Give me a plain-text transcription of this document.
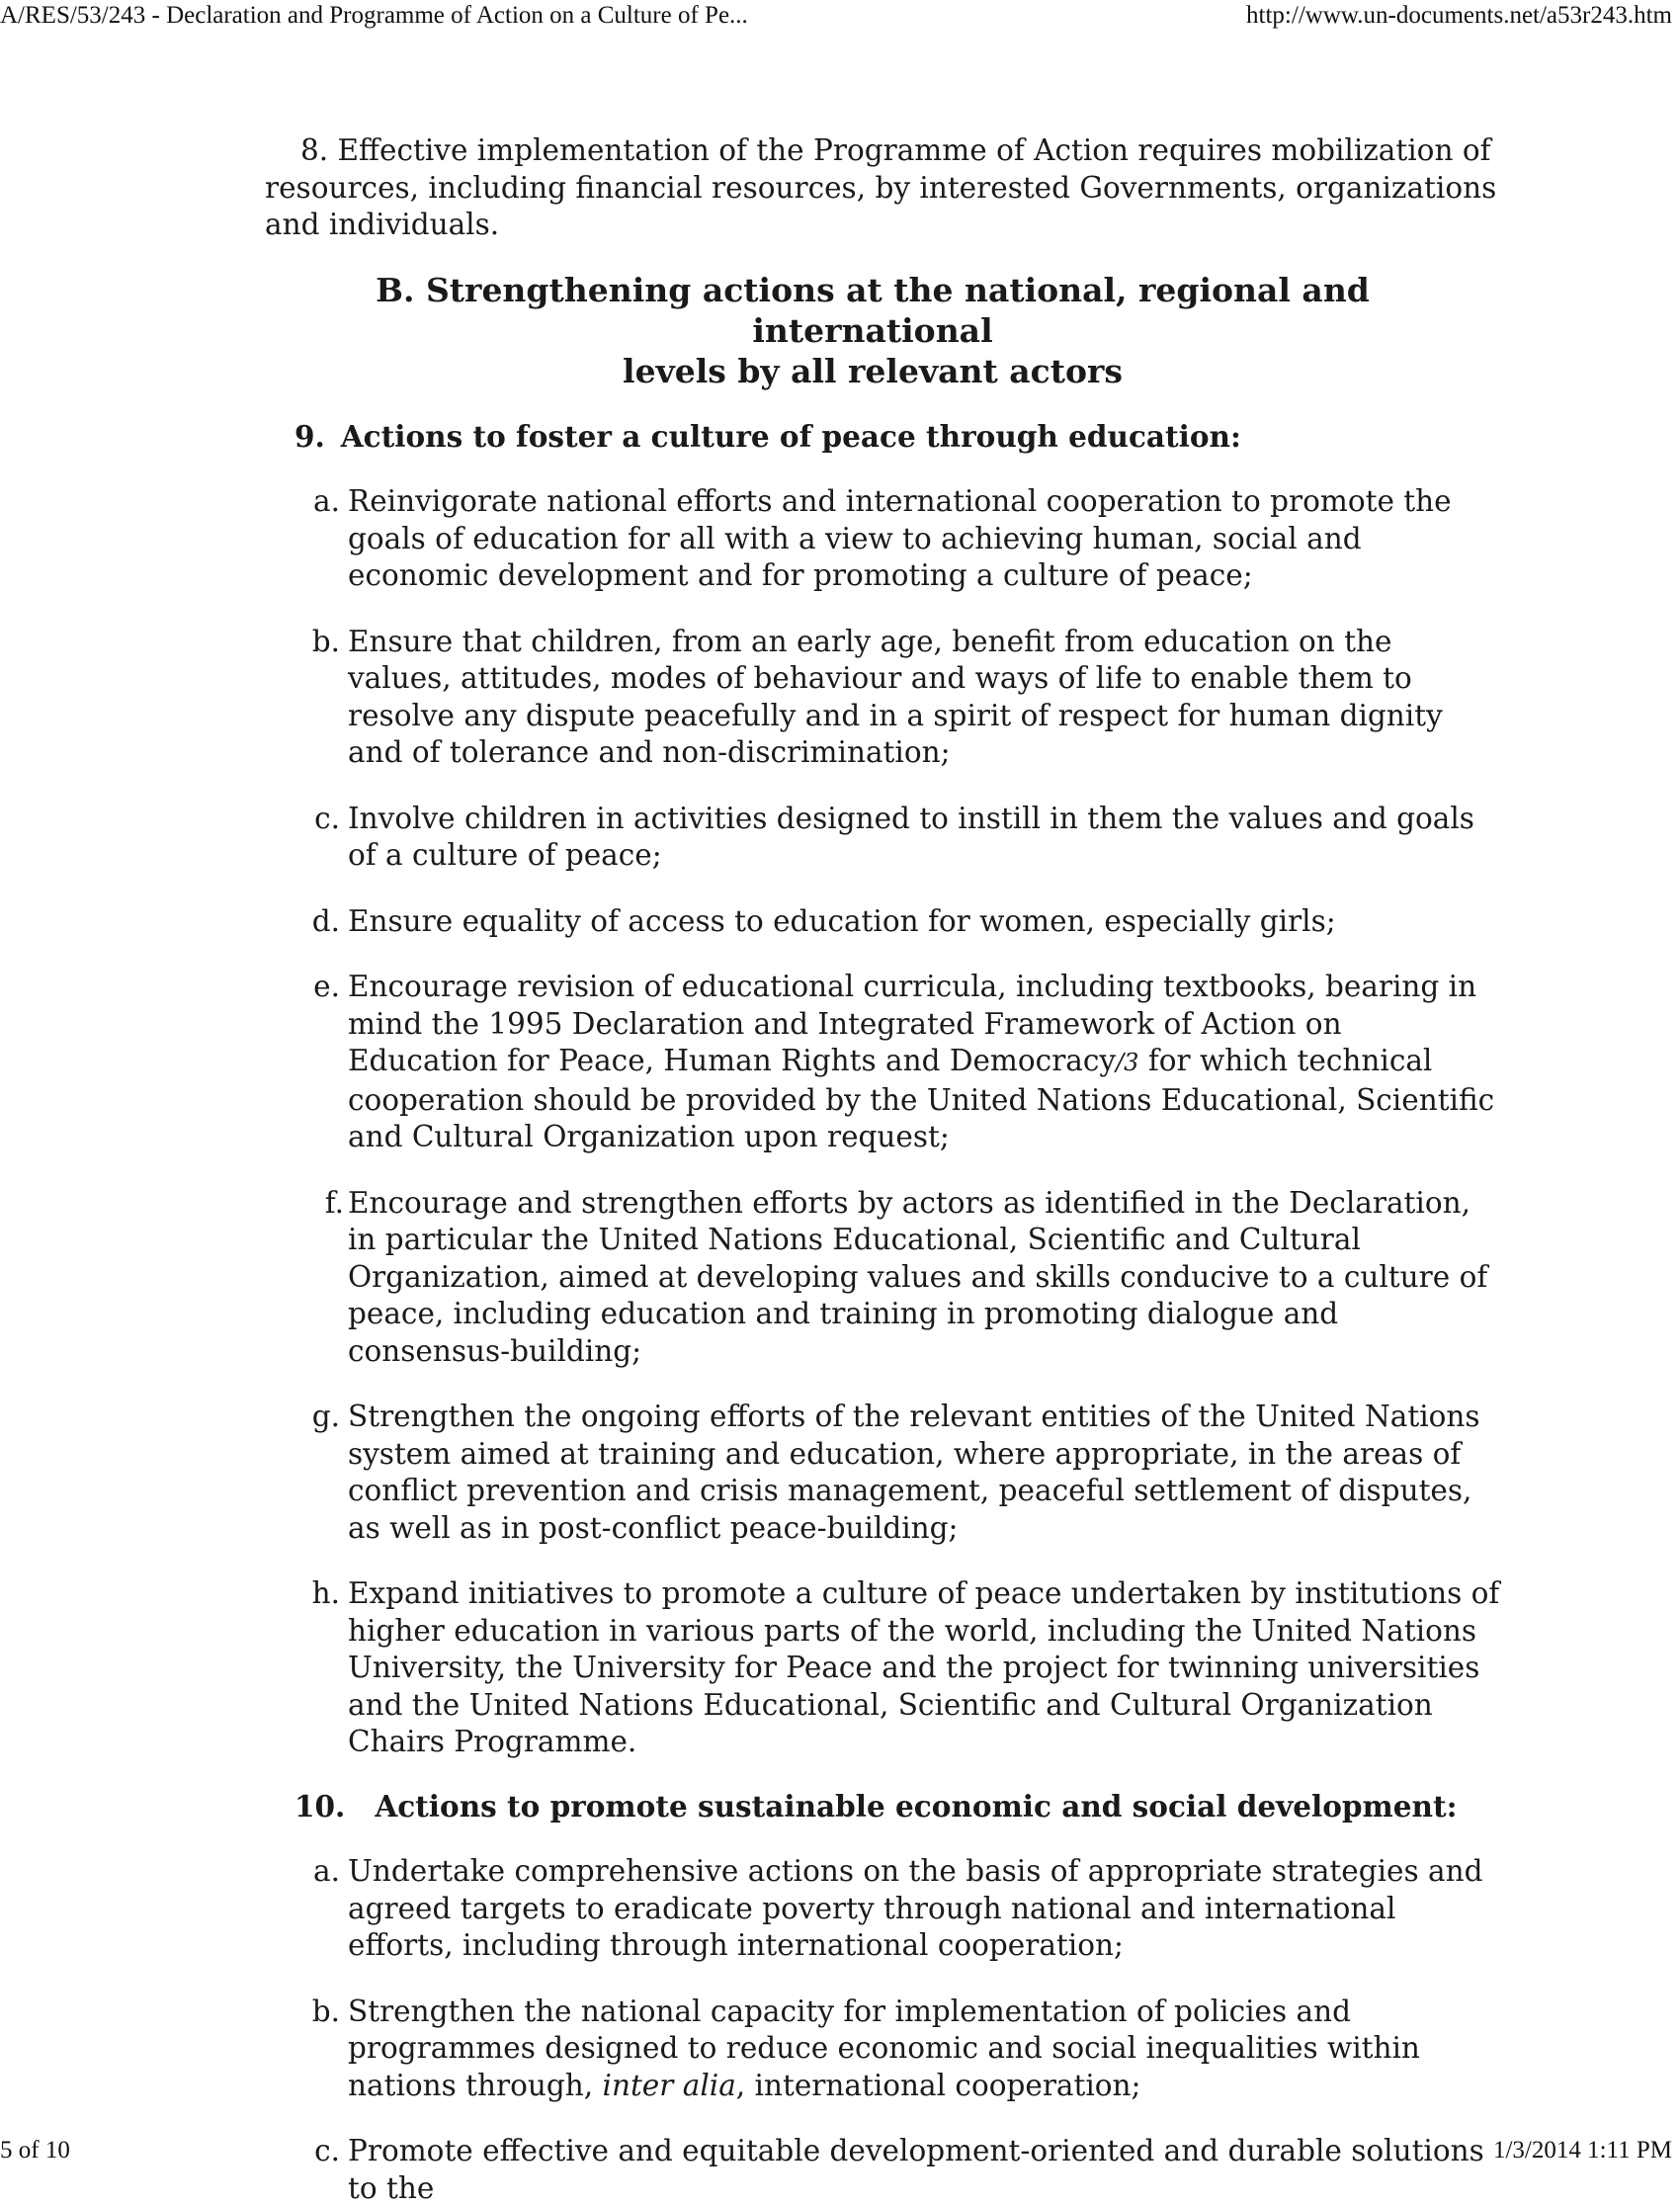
A/RES/53/243 - Declaration and Programme of Action on a Culture of Pe...	http://www.un-documents.net/a53r243.htm

8. Effective implementation of the Programme of Action requires mobilization of resources, including financial resources, by interested Governments, organizations and individuals.

B. Strengthening actions at the national, regional and international
levels by all relevant actors
9. Actions to foster a culture of peace through education:
a. Reinvigorate national efforts and international cooperation to promote the goals of education for all with a view to achieving human, social and economic development and for promoting a culture of peace;
b. Ensure that children, from an early age, benefit from education on the values, attitudes, modes of behaviour and ways of life to enable them to resolve any dispute peacefully and in a spirit of respect for human dignity and of tolerance and non-discrimination;
c. Involve children in activities designed to instill in them the values and goals of a culture of peace;
d. Ensure equality of access to education for women, especially girls;
e. Encourage revision of educational curricula, including textbooks, bearing in mind the 1995 Declaration and Integrated Framework of Action on Education for Peace, Human Rights and Democracy/3 for which technical cooperation should be provided by the United Nations Educational, Scientific and Cultural Organization upon request;
f. Encourage and strengthen efforts by actors as identified in the Declaration, in particular the United Nations Educational, Scientific and Cultural Organization, aimed at developing values and skills conducive to a culture of peace, including education and training in promoting dialogue and consensus-building;
g. Strengthen the ongoing efforts of the relevant entities of the United Nations system aimed at training and education, where appropriate, in the areas of conflict prevention and crisis management, peaceful settlement of disputes, as well as in post-conflict peace-building;
h. Expand initiatives to promote a culture of peace undertaken by institutions of higher education in various parts of the world, including the United Nations University, the University for Peace and the project for twinning universities and the United Nations Educational, Scientific and Cultural Organization Chairs Programme.
10. Actions to promote sustainable economic and social development:
a. Undertake comprehensive actions on the basis of appropriate strategies and agreed targets to eradicate poverty through national and international efforts, including through international cooperation;
b. Strengthen the national capacity for implementation of policies and programmes designed to reduce economic and social inequalities within nations through, inter alia, international cooperation;
c. Promote effective and equitable development-oriented and durable solutions to the
5 of 10	1/3/2014 1:11 PM
